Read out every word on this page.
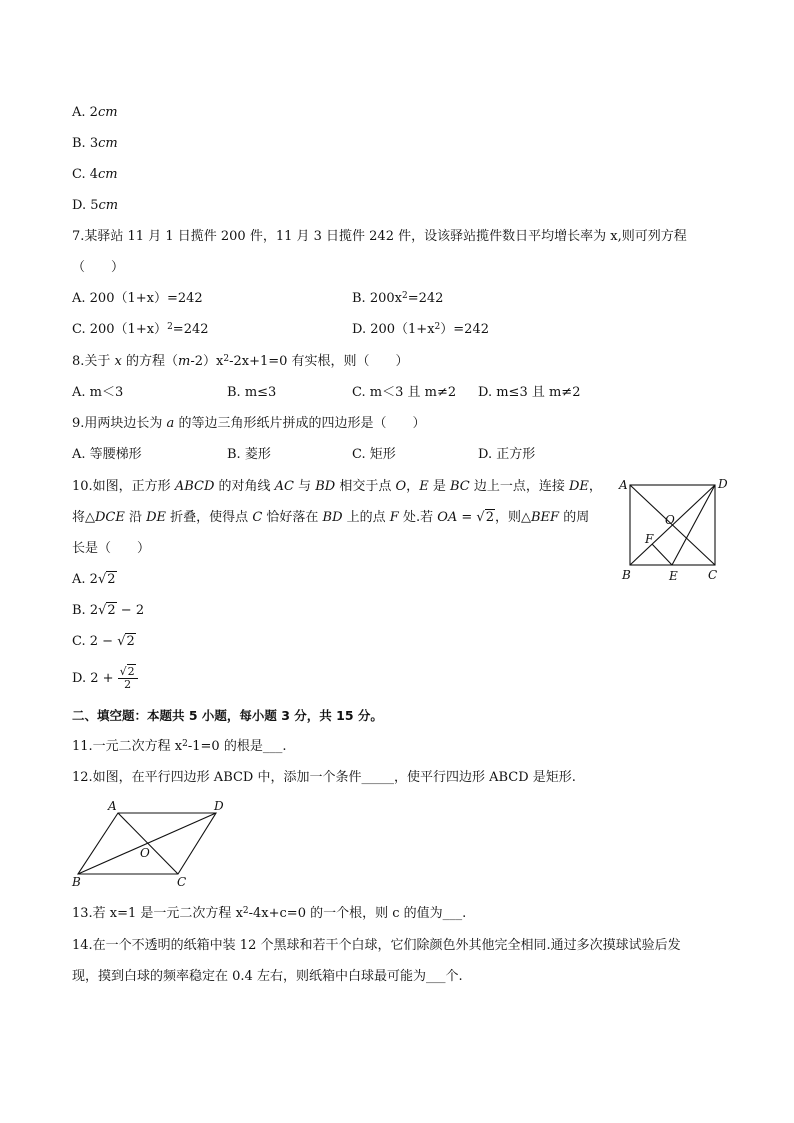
A. 2cm
B. 3cm
C. 4cm
D. 5cm
7.某驿站 11 月 1 日揽件 200 件，11 月 3 日揽件 242 件，设该驿站揽件数日平均增长率为 x,则可列方程
（　　）
A. 200（1+x）=242	B. $200x^2=242$
C. $200(1+x)^2=242$	D. $200(1+x^2)=242$
8.关于 x 的方程$(m-2)x^2-2x+1=0$ 有实根，则（　　）
A. m＜3	B. m≤3	C. m＜3 且 m≠2 D. m≤3 且 m≠2
9.用两块边长为 a 的等边三角形纸片拼成的四边形是（　　）
A. 等腰梯形	B. 菱形	C. 矩形	D. 正方形
10.如图，正方形 ABCD 的对角线 AC 与 BD 相交于点 O，E 是 BC 边上一点，连接 DE，
将△DCE 沿 DE 折叠，使得点 C 恰好落在 BD 上的点 F 处.若 OA = √2，则△BEF 的周
长是（　　）
A. 2√2
B. 2√2 − 2
C. 2 − √2
D. $2 + \frac{√2}{2}$
A	D
B	C
O
F
E
二、填空题：本题共 5 小题，每小题 3 分，共 15 分。
11.一元二次方程 $x^2-1=0$ 的根是___.
12.如图，在平行四边形 ABCD 中，添加一个条件_____，使平行四边形 ABCD 是矩形.
A	D
B	C
O
13.若 x=1 是一元二次方程 $x^2-4x+c=0$ 的一个根，则 c 的值为___.
14.在一个不透明的纸箱中装 12 个黑球和若干个白球，它们除颜色外其他完全相同.通过多次摸球试验后发
现，摸到白球的频率稳定在 0.4 左右，则纸箱中白球最可能为___个.
